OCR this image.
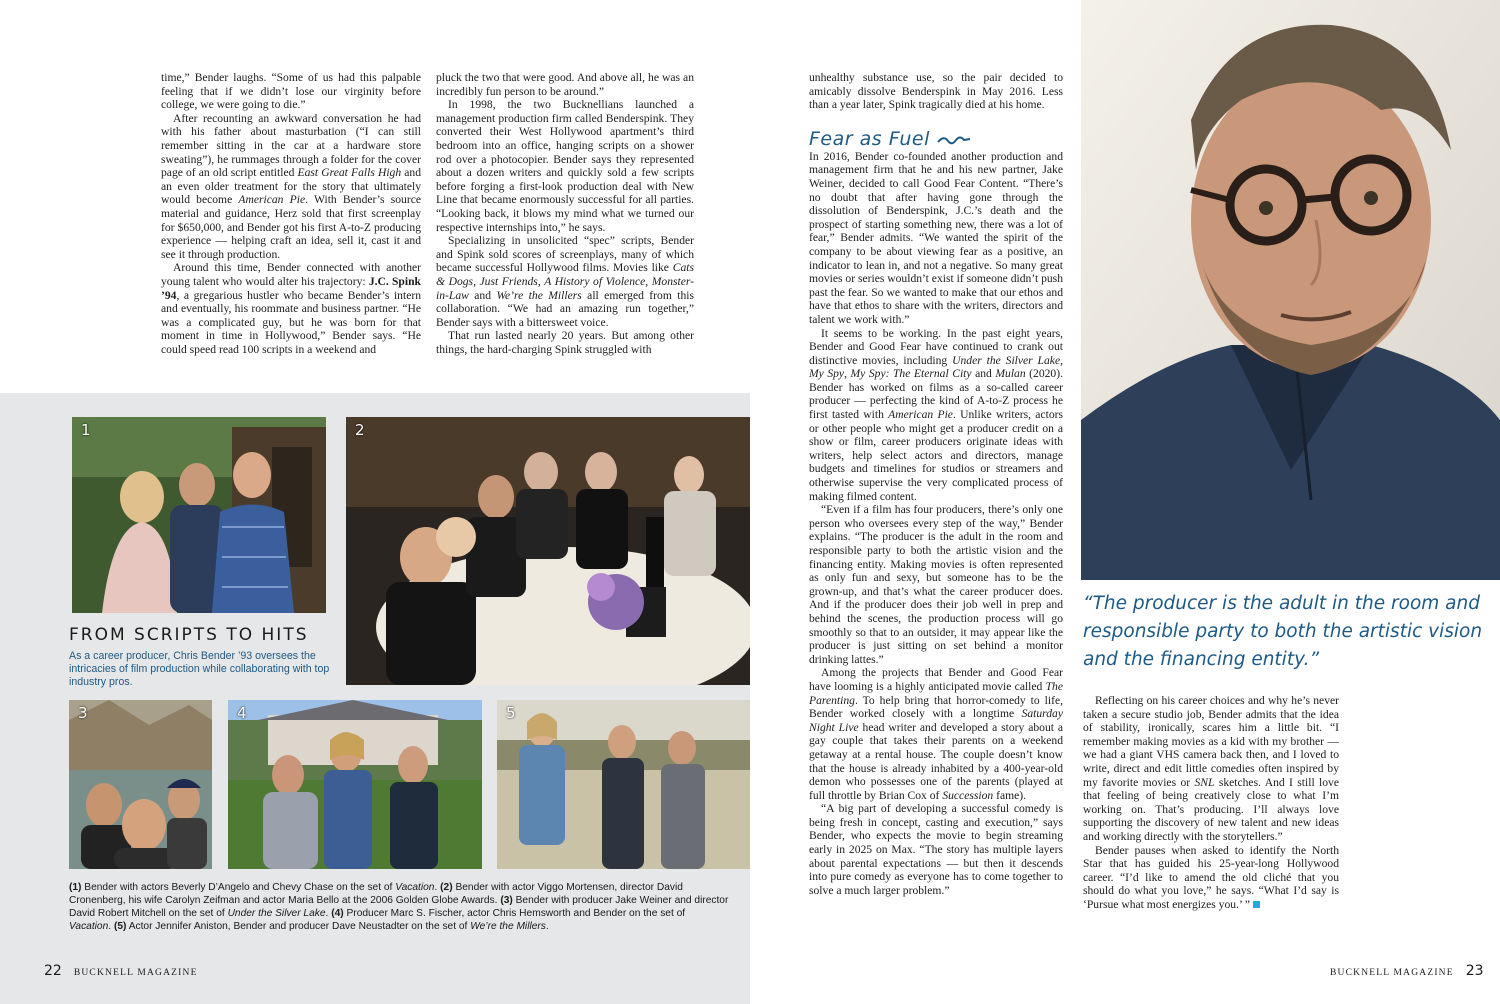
time,” Bender laughs. “Some of us had this palpable feeling that if we didn’t lose our virginity before college, we were going to die.”

After recounting an awkward conversation he had with his father about masturbation (“I can still remember sitting in the car at a hardware store sweating”), he rummages through a folder for the cover page of an old script entitled East Great Falls High and an even older treatment for the story that ultimately would become American Pie. With Bender’s source material and guidance, Herz sold that first screenplay for $650,000, and Bender got his first A-to-Z producing experience — helping craft an idea, sell it, cast it and see it through production.

Around this time, Bender connected with another young talent who would alter his trajectory: J.C. Spink ’94, a gregarious hustler who became Bender’s intern and eventually, his roommate and business partner. “He was a complicated guy, but he was born for that moment in time in Hollywood,” Bender says. “He could speed read 100 scripts in a weekend and

pluck the two that were good. And above all, he was an incredibly fun person to be around.”

In 1998, the two Bucknellians launched a management production firm called Benderspink. They converted their West Hollywood apartment’s third bedroom into an office, hanging scripts on a shower rod over a photocopier. Bender says they represented about a dozen writers and quickly sold a few scripts before forging a first-look production deal with New Line that became enormously successful for all parties. “Looking back, it blows my mind what we turned our respective internships into,” he says.

Specializing in unsolicited “spec” scripts, Bender and Spink sold scores of screenplays, many of which became successful Hollywood films. Movies like Cats & Dogs, Just Friends, A History of Violence, Monster-in-Law and We’re the Millers all emerged from this collaboration. “We had an amazing run together,” Bender says with a bittersweet voice.

That run lasted nearly 20 years. But among other things, the hard-charging Spink struggled with

1	2
FROM SCRIPTS TO HITS
As a career producer, Chris Bender ’93 oversees the intricacies of film production while collaborating with top industry pros.
3	4	5
(1) Bender with actors Beverly D’Angelo and Chevy Chase on the set of Vacation. (2) Bender with actor Viggo Mortensen, director David Cronenberg, his wife Carolyn Zeifman and actor Maria Bello at the 2006 Golden Globe Awards. (3) Bender with producer Jake Weiner and director David Robert Mitchell on the set of Under the Silver Lake. (4) Producer Marc S. Fischer, actor Chris Hemsworth and Bender on the set of Vacation. (5) Actor Jennifer Aniston, Bender and producer Dave Neustadter on the set of We’re the Millers.
22 BUCKNELL MAGAZINE

unhealthy substance use, so the pair decided to amicably dissolve Benderspink in May 2016. Less than a year later, Spink tragically died at his home.

In 2016, Bender co-founded another production and management firm that he and his new partner, Jake Weiner, decided to call Good Fear Content. “There’s no doubt that after having gone through the dissolution of Benderspink, J.C.’s death and the prospect of starting something new, there was a lot of fear,” Bender admits. “We wanted the spirit of the company to be about viewing fear as a positive, an indicator to lean in, and not a negative. So many great movies or series wouldn’t exist if someone didn’t push past the fear. So we wanted to make that our ethos and have that ethos to share with the writers, directors and talent we work with.”

It seems to be working. In the past eight years, Bender and Good Fear have continued to crank out distinctive movies, including Under the Silver Lake, My Spy, My Spy: The Eternal City and Mulan (2020). Bender has worked on films as a so-called career producer — perfecting the kind of A-to-Z process he first tasted with American Pie. Unlike writers, actors or other people who might get a producer credit on a show or film, career producers originate ideas with writers, help select actors and directors, manage budgets and timelines for studios or streamers and otherwise supervise the very complicated process of making filmed content.

“Even if a film has four producers, there’s only one person who oversees every step of the way,” Bender explains. “The producer is the adult in the room and responsible party to both the artistic vision and the financing entity. Making movies is often represented as only fun and sexy, but someone has to be the grown-up, and that’s what the career producer does. And if the producer does their job well in prep and behind the scenes, the production process will go smoothly so that to an outsider, it may appear like the producer is just sitting on set behind a monitor drinking lattes.”

Among the projects that Bender and Good Fear have looming is a highly anticipated movie called The Parenting. To help bring that horror-comedy to life, Bender worked closely with a longtime Saturday Night Live head writer and developed a story about a gay couple that takes their parents on a weekend getaway at a rental house. The couple doesn’t know that the house is already inhabited by a 400-year-old demon who possesses one of the parents (played at full throttle by Brian Cox of Succession fame).

“A big part of developing a successful comedy is being fresh in concept, casting and execution,” says Bender, who expects the movie to begin streaming early in 2025 on Max. “The story has multiple layers about parental expectations — but then it descends into pure comedy as everyone has to come together to solve a much larger problem.”

Fear as Fuel
“The producer is the adult in the room and responsible party to both the artistic vision and the financing entity.”

Reflecting on his career choices and why he’s never taken a secure studio job, Bender admits that the idea of stability, ironically, scares him a little bit. “I remember making movies as a kid with my brother — we had a giant VHS camera back then, and I loved to write, direct and edit little comedies often inspired by my favorite movies or SNL sketches. And I still love that feeling of being creatively close to what I’m working on. That’s producing. I’ll always love supporting the discovery of new talent and new ideas and working directly with the storytellers.”

Bender pauses when asked to identify the North Star that has guided his 25-year-long Hollywood career. “I’d like to amend the old cliché that you should do what you love,” he says. “What I’d say is ‘Pursue what most energizes you.’ ”

BUCKNELL MAGAZINE 23
